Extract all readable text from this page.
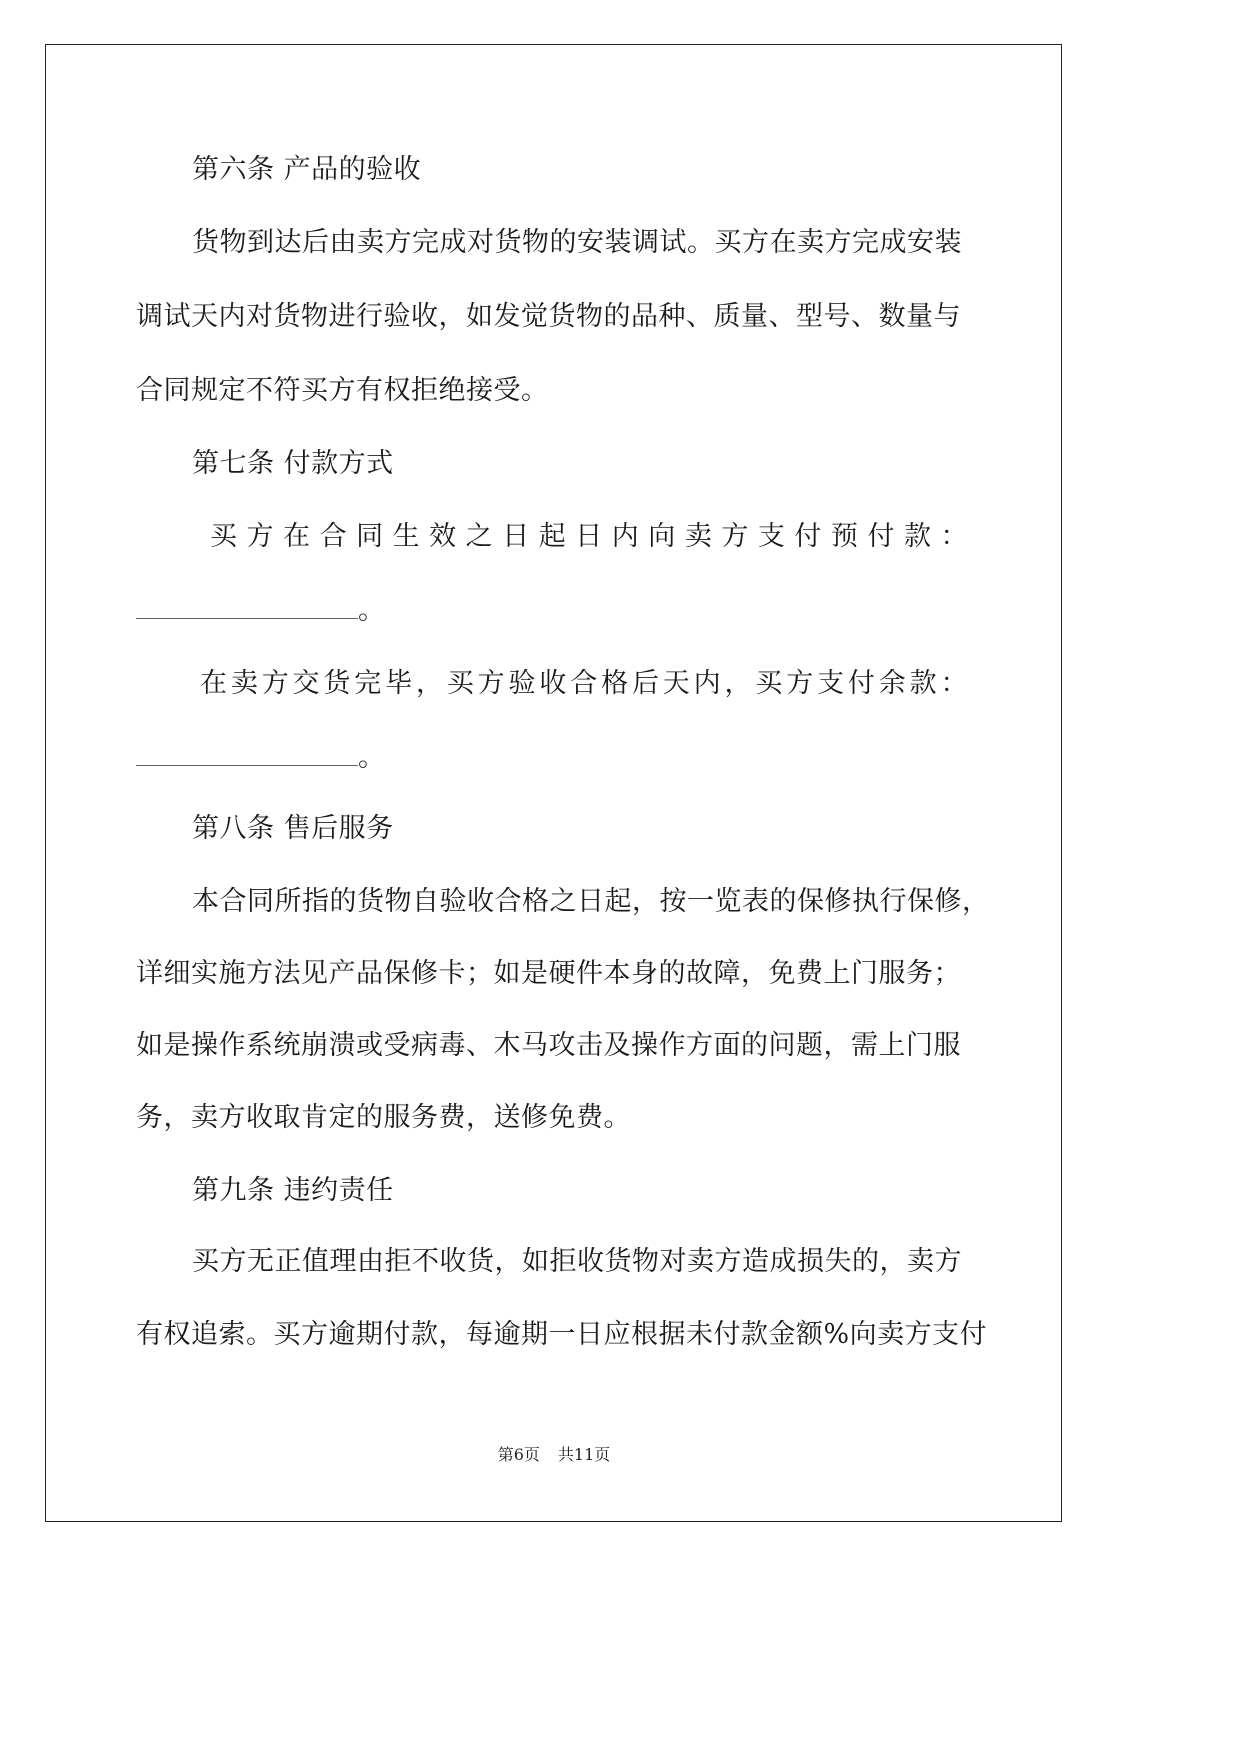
第六条 产品的验收
货物到达后由卖方完成对货物的安装调试。买方在卖方完成安装
调试天内对货物进行验收，如发觉货物的品种、质量、型号、数量与
合同规定不符买方有权拒绝接受。
第七条 付款方式
买方在合同生效之日起日内向卖方支付预付款：
。
在卖方交货完毕，买方验收合格后天内，买方支付余款：
。
第八条 售后服务
本合同所指的货物自验收合格之日起，按一览表的保修执行保修，
详细实施方法见产品保修卡；如是硬件本身的故障，免费上门服务；
如是操作系统崩溃或受病毒、木马攻击及操作方面的问题，需上门服
务，卖方收取肯定的服务费，送修免费。
第九条 违约责任
买方无正值理由拒不收货，如拒收货物对卖方造成损失的，卖方
有权追索。买方逾期付款，每逾期一日应根据未付款金额%向卖方支付
第6页 共11页
